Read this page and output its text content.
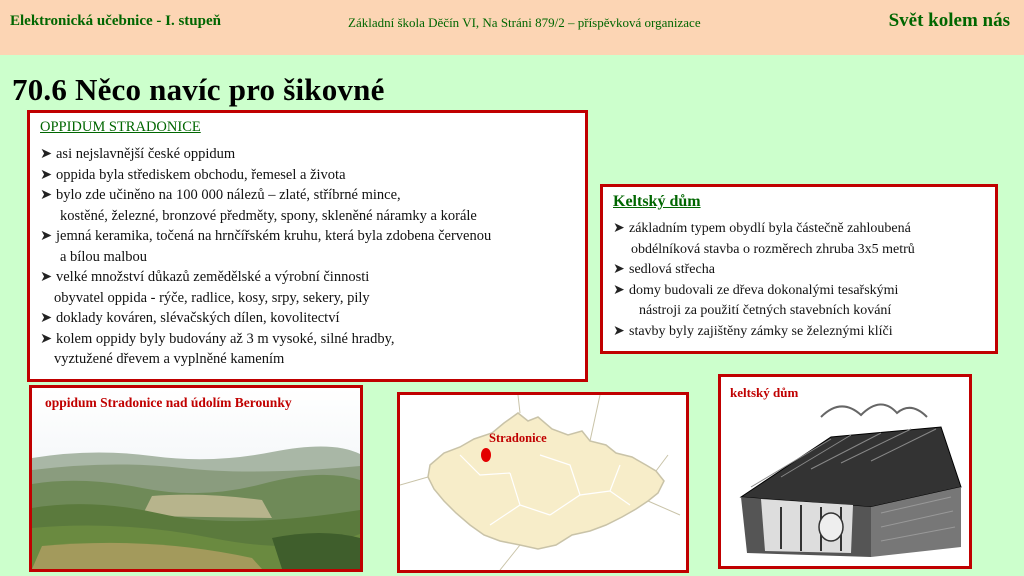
Elektronická učebnice - I. stupeň	Základní škola Děčín VI, Na Stráni 879/2 – příspěvková organizace	Svět kolem nás
70.6 Něco navíc pro šikovné
OPPIDUM STRADONICE
➤ asi nejslavnější české oppidum
➤ oppida byla střediskem obchodu, řemesel a života
➤ bylo zde učiněno na 100 000 nálezů – zlaté, stříbrné mince,
kostěné, železné, bronzové předměty, spony, skleněné náramky a korále
➤ jemná keramika, točená na hrnčířském kruhu, která byla zdobena červenou
a bílou malbou
➤ velké množství důkazů zemědělské a výrobní činnosti
obyvatel oppida - rýče, radlice, kosy, srpy, sekery, pily
➤ doklady kováren, slévačských dílen, kovolitectví
➤ kolem oppidy byly budovány až 3 m vysoké, silné hradby,
vyztužené dřevem a vyplněné kamením
Keltský dům
➤ základním typem obydlí byla částečně zahloubená
obdélníková stavba o rozměrech zhruba 3x5 metrů
➤ sedlová střecha
➤ domy budovali ze dřeva dokonalými tesařskými
nástroji za použití četných stavebních kování
➤ stavby byly zajištěny zámky se železnými klíči
oppidum Stradonice nad údolím Berounky
Stradonice
keltský dům
